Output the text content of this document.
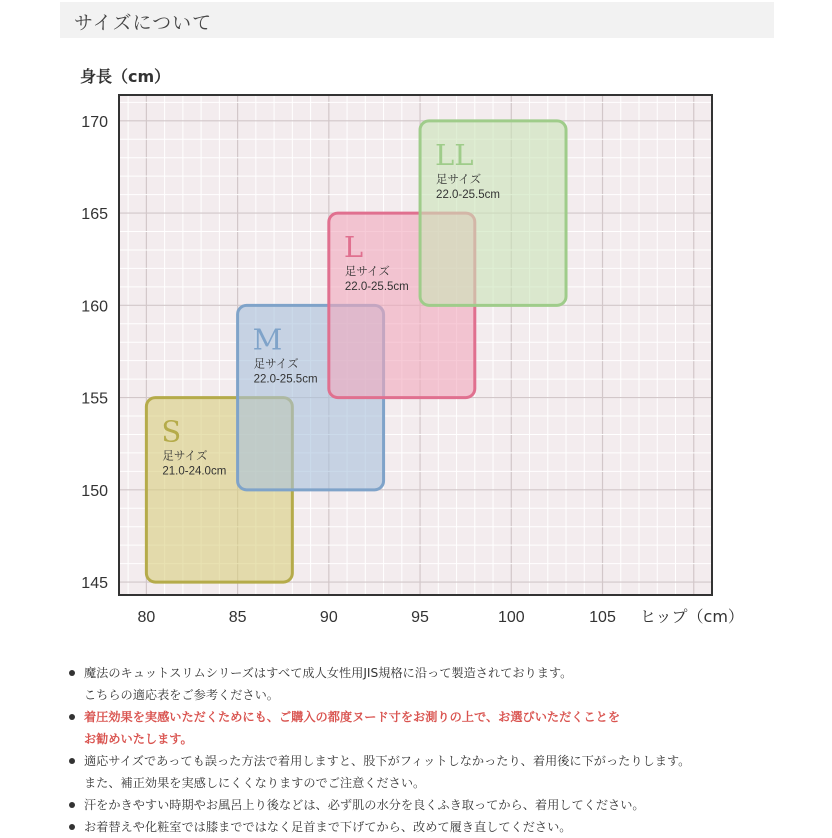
サイズについて
S
足サイズ
21.0-24.0cm
M
足サイズ
22.0-25.5cm
L
足サイズ
22.0-25.5cm
LL
足サイズ
22.0-25.5cm
145
150
155
160
165
170
80	85	90	95	100	105
身長（cm）
ヒップ（cm）
魔法のキュットスリムシリーズはすべて成人女性用JIS規格に沿って製造されております。
こちらの適応表をご参考ください。
着圧効果を実感いただくためにも、ご購入の都度ヌード寸をお測りの上で、お選びいただくことを
お勧めいたします。
適応サイズであっても誤った方法で着用しますと、股下がフィットしなかったり、着用後に下がったりします。
また、補正効果を実感しにくくなりますのでご注意ください。
汗をかきやすい時期やお風呂上り後などは、必ず肌の水分を良くふき取ってから、着用してください。
お着替えや化粧室では膝までではなく足首まで下げてから、改めて履き直してください。
